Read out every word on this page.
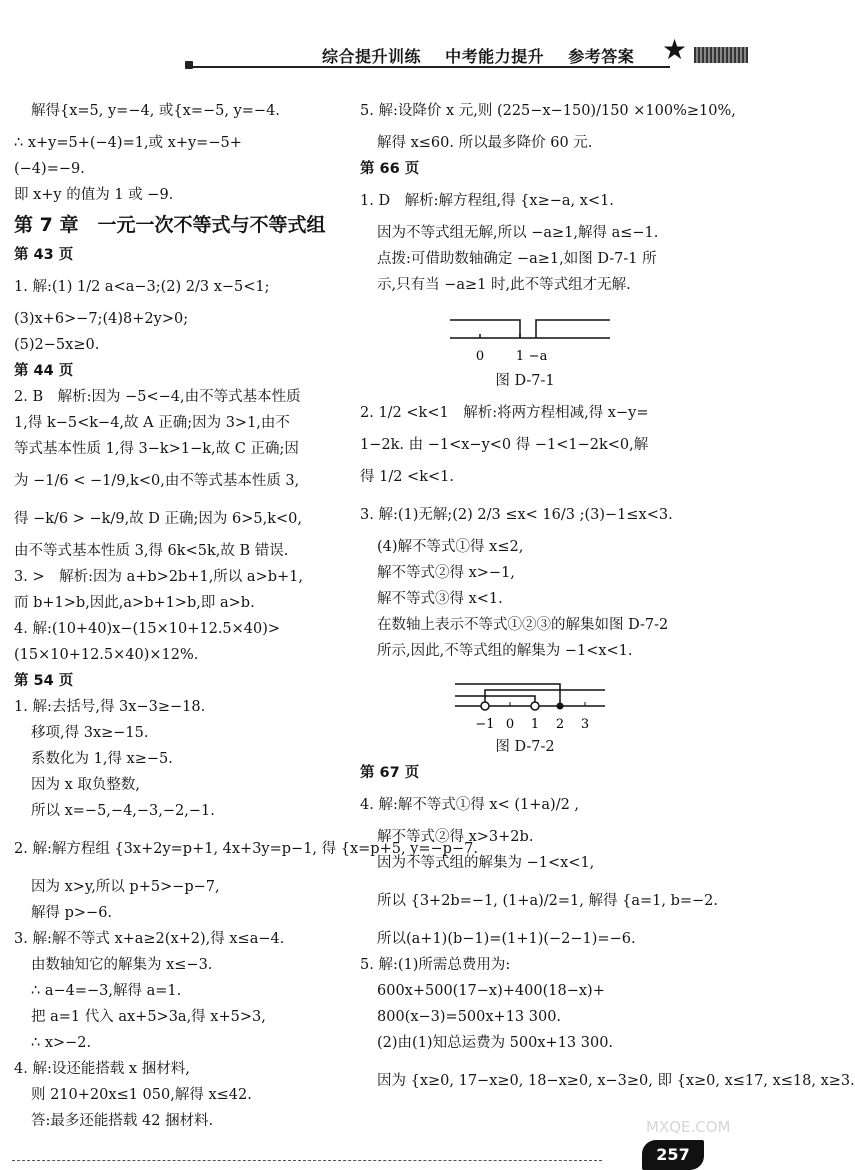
综合提升训练 中考能力提升 参考答案 ★
解得{x=5, y=−4, 或{x=−5, y=−4.
∴ x+y=5+(−4)=1,或 x+y=−5+
(−4)=−9.
即 x+y 的值为 1 或 −9.
第 7 章　一元一次不等式与不等式组
第 43 页
1. 解:(1) 1/2 a<a−3;(2) 2/3 x−5<1;
(3)x+6>−7;(4)8+2y>0;
(5)2−5x≥0.
第 44 页
2. B　解析:因为 −5<−4,由不等式基本性质
1,得 k−5<k−4,故 A 正确;因为 3>1,由不
等式基本性质 1,得 3−k>1−k,故 C 正确;因
为 −1/6 < −1/9,k<0,由不等式基本性质 3,
得 −k/6 > −k/9,故 D 正确;因为 6>5,k<0,
由不等式基本性质 3,得 6k<5k,故 B 错误.
3. >　解析:因为 a+b>2b+1,所以 a>b+1,
而 b+1>b,因此,a>b+1>b,即 a>b.
4. 解:(10+40)x−(15×10+12.5×40)>
(15×10+12.5×40)×12%.
第 54 页
1. 解:去括号,得 3x−3≥−18.
移项,得 3x≥−15.
系数化为 1,得 x≥−5.
因为 x 取负整数,
所以 x=−5,−4,−3,−2,−1.
2. 解:解方程组 {3x+2y=p+1, 4x+3y=p−1, 得 {x=p+5, y=−p−7.
因为 x>y,所以 p+5>−p−7,
解得 p>−6.
3. 解:解不等式 x+a≥2(x+2),得 x≤a−4.
由数轴知它的解集为 x≤−3.
∴ a−4=−3,解得 a=1.
把 a=1 代入 ax+5>3a,得 x+5>3,
∴ x>−2.
4. 解:设还能搭载 x 捆材料,
则 210+20x≤1 050,解得 x≤42.
答:最多还能搭载 42 捆材料.
5. 解:设降价 x 元,则 (225−x−150)/150 ×100%≥10%,
解得 x≤60. 所以最多降价 60 元.
第 66 页
1. D　解析:解方程组,得 {x≥−a, x<1.
因为不等式组无解,所以 −a≥1,解得 a≤−1.
点拨:可借助数轴确定 −a≥1,如图 D-7-1 所
示,只有当 −a≥1 时,此不等式组才无解.
0 1 −a
图 D-7-1
2. 1/2 <k<1　解析:将两方程相减,得 x−y=
1−2k. 由 −1<x−y<0 得 −1<1−2k<0,解
得 1/2 <k<1.
3. 解:(1)无解;(2) 2/3 ≤x< 16/3 ;(3)−1≤x<3.
(4)解不等式①得 x≤2,
解不等式②得 x>−1,
解不等式③得 x<1.
在数轴上表示不等式①②③的解集如图 D-7-2
所示,因此,不等式组的解集为 −1<x<1.
−1 0 1 2 3
图 D-7-2
第 67 页
4. 解:解不等式①得 x< (1+a)/2 ,
解不等式②得 x>3+2b.
因为不等式组的解集为 −1<x<1,
所以 {3+2b=−1, (1+a)/2=1, 解得 {a=1, b=−2.
所以(a+1)(b−1)=(1+1)(−2−1)=−6.
5. 解:(1)所需总费用为:
600x+500(17−x)+400(18−x)+
800(x−3)=500x+13 300.
(2)由(1)知总运费为 500x+13 300.
因为 {x≥0, 17−x≥0, 18−x≥0, x−3≥0, 即 {x≥0, x≤17, x≤18, x≥3.
257
MXQE.COM
